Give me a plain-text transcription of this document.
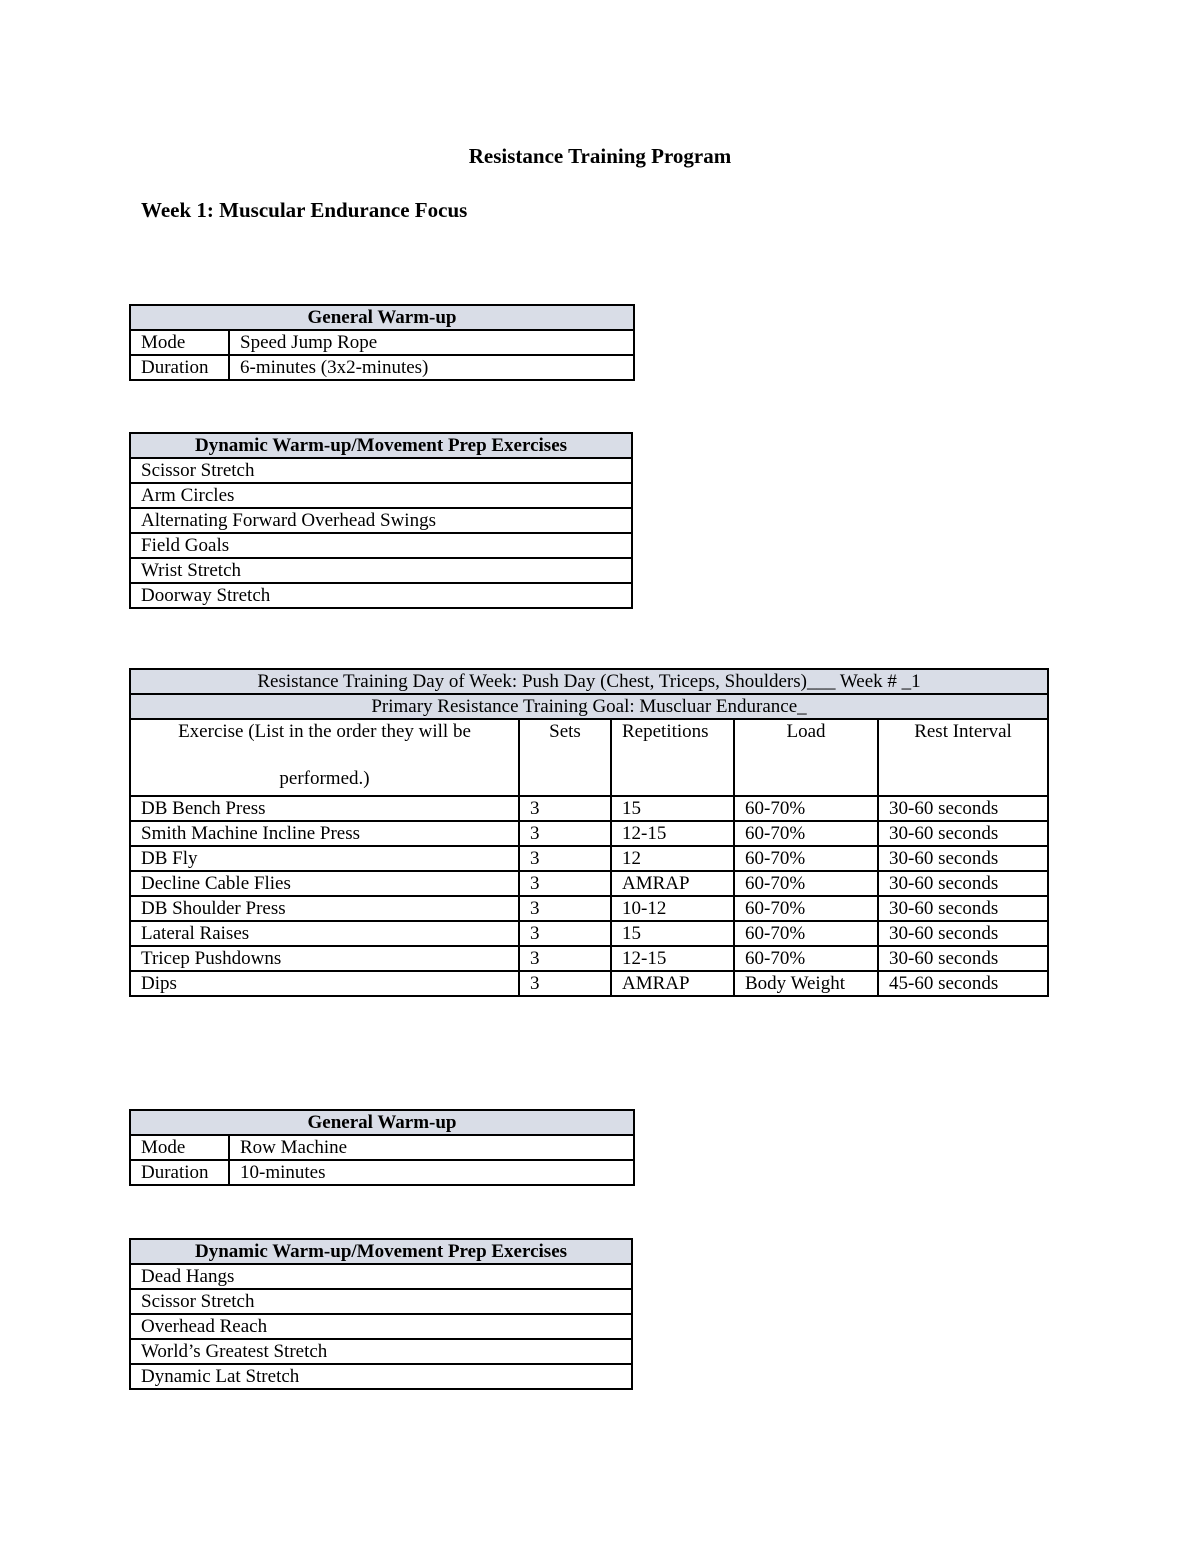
Resistance Training Program
Week 1: Muscular Endurance Focus
General Warm-up	
Mode	Speed Jump Rope
Duration	6-minutes (3x2-minutes)
Dynamic Warm-up/Movement Prep Exercises
Scissor Stretch
Arm Circles
Alternating Forward Overhead Swings
Field Goals
Wrist Stretch
Doorway Stretch
Resistance Training Day of Week: Push Day (Chest, Triceps, Shoulders)___ Week # _1				
Primary Resistance Training Goal: Muscluar Endurance_				

Exercise (List in the order they will be
performed.)	Sets	Repetitions	Load	Rest Interval
DB Bench Press	3	15	60-70%	30-60 seconds
Smith Machine Incline Press	3	12-15	60-70%	30-60 seconds
DB Fly	3	12	60-70%	30-60 seconds
Decline Cable Flies	3	AMRAP	60-70%	30-60 seconds
DB Shoulder Press	3	10-12	60-70%	30-60 seconds
Lateral Raises	3	15	60-70%	30-60 seconds
Tricep Pushdowns	3	12-15	60-70%	30-60 seconds
Dips	3	AMRAP	Body Weight	45-60 seconds
General Warm-up	
Mode	Row Machine
Duration	10-minutes
Dynamic Warm-up/Movement Prep Exercises
Dead Hangs
Scissor Stretch
Overhead Reach
World’s Greatest Stretch
Dynamic Lat Stretch
